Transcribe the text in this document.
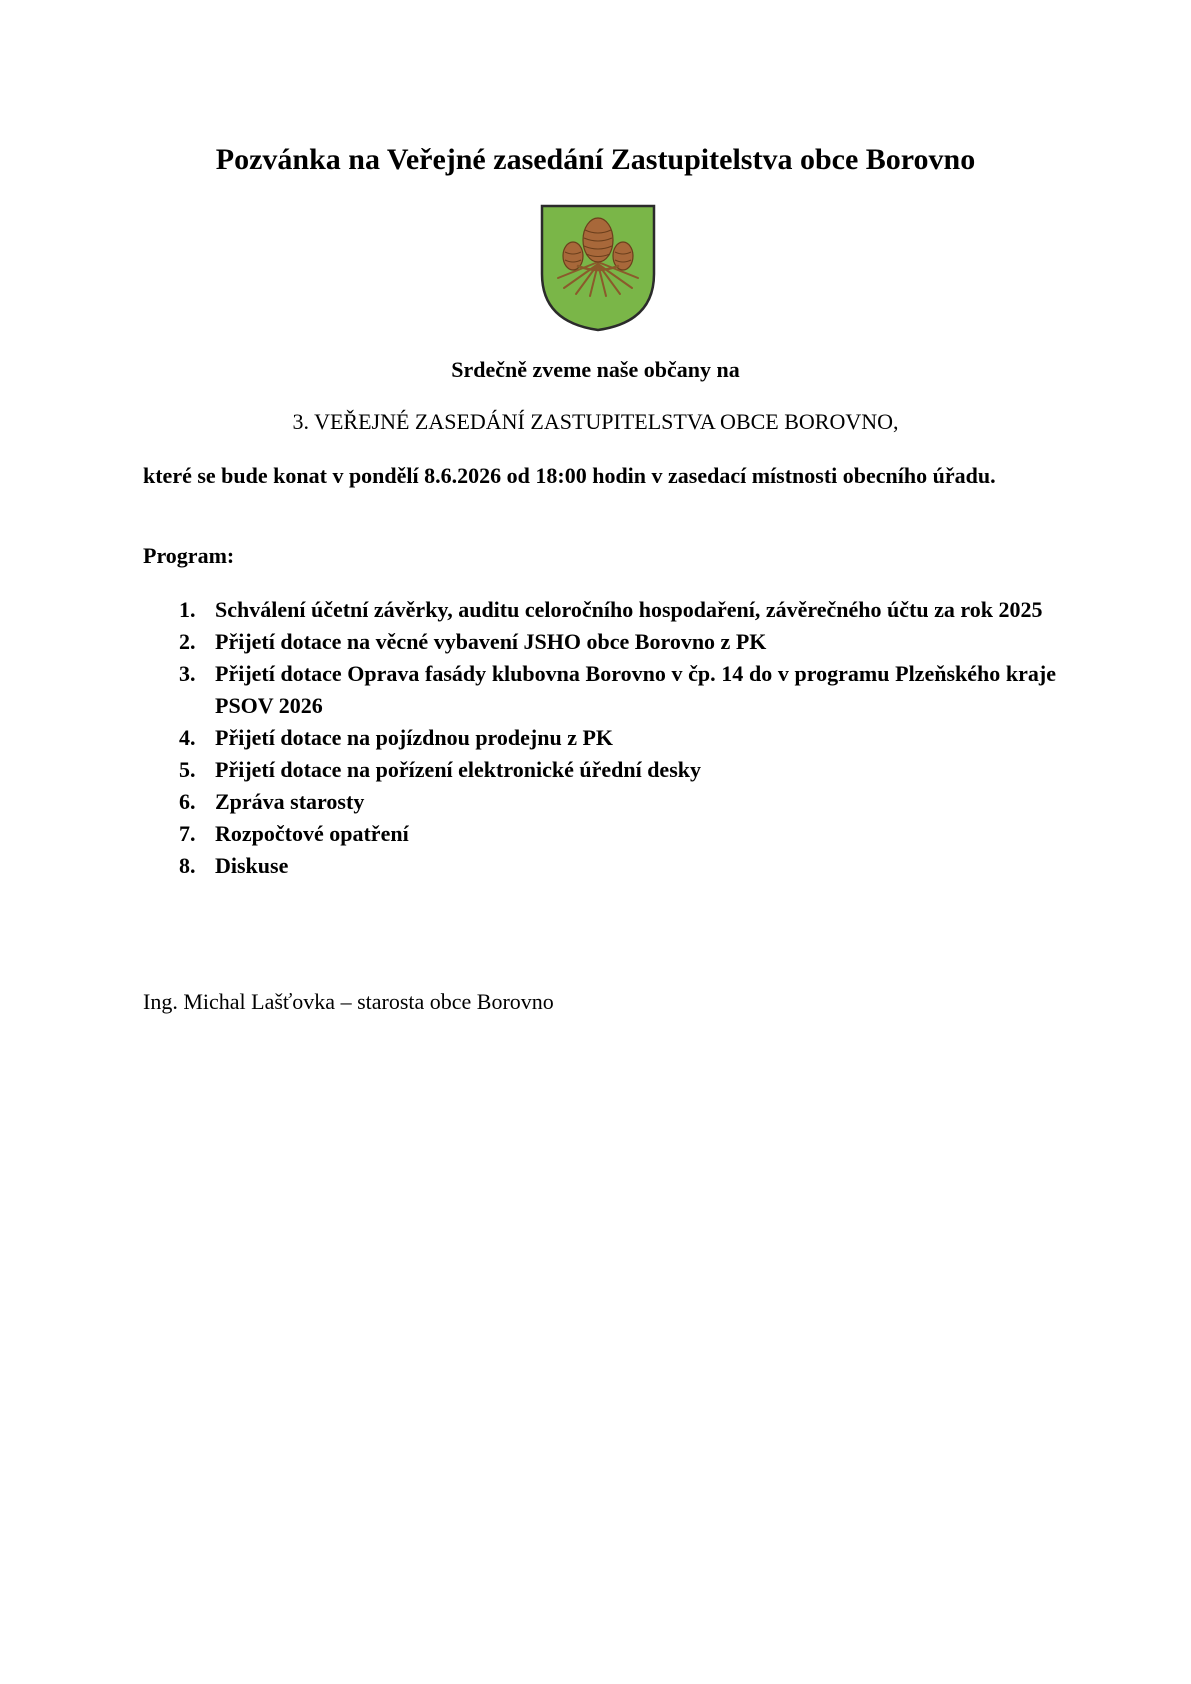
Pozvánka na Veřejné zasedání Zastupitelstva obce Borovno

Srdečně zveme naše občany na

3. VEŘEJNÉ ZASEDÁNÍ ZASTUPITELSTVA OBCE BOROVNO,

které se bude konat v pondělí 8.6.2026 od 18:00 hodin v zasedací místnosti obecního úřadu.

Program:

1. Schválení účetní závěrky, auditu celoročního hospodaření, závěrečného účtu za rok 2025
2. Přijetí dotace na věcné vybavení JSHO obce Borovno z PK
3. Přijetí dotace Oprava fasády klubovna Borovno v čp. 14 do v programu Plzeňského kraje PSOV 2026
4. Přijetí dotace na pojízdnou prodejnu z PK
5. Přijetí dotace na pořízení elektronické úřední desky
6. Zpráva starosty
7. Rozpočtové opatření
8. Diskuse

Ing. Michal Lašťovka – starosta obce Borovno
